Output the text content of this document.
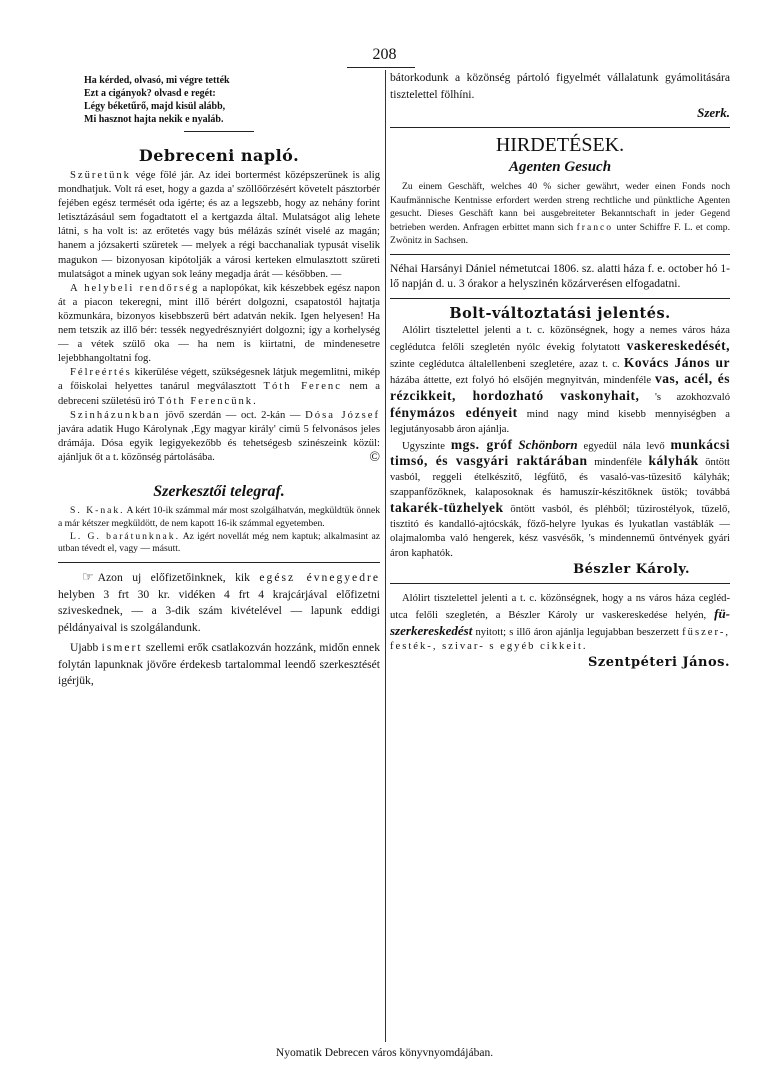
208
Ha kérded, olvasó, mi végre tették
Ezt a cigányok? olvasd e regét:
Légy béketűrő, majd kisül alább,
Mi hasznot hajta nekik e nyaláb.
Debreceni napló.

Szüretünk vége fölé jár. Az idei bortermést középszerünek is alig mondhatjuk. Volt rá eset, hogy a gazda a' szöllőőrzésért követelt pásztorbér fejében egész termését oda igérte; és az a legszebb, hogy az nehány forint letisztázásául sem fogadtatott el a kertgazda által. Mulatságot alig lehete látni, s ha volt is: az erőtetés vagy bús mélázás színét viselé az magán; hanem a józsakerti szüretek — melyek a régi bacchanaliak typusát viselik magukon — bizonyosan kipótolják a városi kerteken elmulasztott szüreti mulatságot a minek ugyan sok leány megadja árát — későbben. —

A helybeli rendőrség a naplopókat, kik készebbek egész napon át a piacon tekeregni, mint illő bérért dolgozni, csapatostól hajtatja közmunkára, bizonyos kisebbszerű bért adatván nekik. Igen helyesen! Ha nem tetszik az illő bér: tessék negyedrésznyiért dolgozni; így a korhelység — a vétek szülő oka — ha nem is kiirtatni, de mindenesetre lejebbhangoltatni fog.

Félreértés kikerülése végett, szükségesnek látjuk megemlitni, mikép a főiskolai helyettes tanárul megválasztott Tóth Ferenc nem a debreceni születésü iró Tóth Ferencünk.

Szinházunkban jövő szerdán — oct. 2-kán — Dósa József javára adatik Hugo Károlynak ,Egy magyar király' cimü 5 felvonásos jeles drámája. Dósa egyik legigyekezőbb és tehetségesb szinészeink közül: ajánljuk őt a t. közönség pártolásába.	©

Szerkesztői telegraf.

S. K-nak. A kért 10-ik számmal már most szolgálhatván, megküldtük önnek a már kétszer megküldött, de nem kapott 16-ik számmal egyetemben.

L. G. barátunknak. Az igért novellát még nem kaptuk; alkalmasint az utban tévedt el, vagy — másutt.

☞ Azon uj előfizetőinknek, kik egész évnegyedre helyben 3 frt 30 kr. vidéken 4 frt 4 krajcárjával előfizetni sziveskednek, — a 3-dik szám kivételével — lapunk eddigi példányaival is szolgálandunk.

Ujabb ismert szellemi erők csatlakozván hozzánk, midőn ennek folytán lapunknak jövőre érdekesb tartalommal leendő szerkesztését igérjük,

bátorkodunk a közönség pártoló figyelmét vállalatunk gyámolitására tisztelettel fölhíni.

Szerk.
HIRDETÉSEK.
Agenten Gesuch

Zu einem Geschäft, welches 40 % sicher gewährt, weder einen Fonds noch Kaufmännische Kentnisse erfordert werden streng rechtliche und pünktliche Agenten gesucht. Dieses Geschäft kann bei ausgebreiteter Bekanntschaft in jeder Gegend betrieben werden. Anfragen erbittet mann sich franco unter Schiffre F. L. et comp. Zwönitz in Sachsen.

Néhai Harsányi Dániel németutcai 1806. sz. alatti háza f. e. october hó 1-lő napján d. u. 3 órakor a helyszinén közárverésen elfogadatni.

Bolt-változtatási jelentés.

Alólirt tisztelettel jelenti a t. c. közönségnek, hogy a nemes város háza ceglédutca felőli szegletén nyólc évekig folytatott vaskereskedését, szinte ceglédutca általellenbeni szegletére, azaz t. c. Kovács János ur házába áttette, ezt folyó hó elsőjén megnyitván, mindenféle vas, acél, és rézcikkeit, hordozható vaskonyhait, 's azokhozvaló fénymázos edényeit mind nagy mind kisebb mennyiségben a legjutányosabb áron ajánlja.

Ugyszinte mgs. gróf Schönborn egyedül nála levő munkácsi timsó, és vasgyári raktárában mindenféle kályhák öntött vasból, reggeli ételkészitő, légfütő, és vasaló-vas-tüzesitő kályhák; szappanfőzőknek, kalaposoknak és hamuszír-készitőknek üstök; továbbá takarék-tüzhelyek öntött vasból, és pléhből; tüzirostélyok, tüzelő, tisztitó és kandalló-ajtócskák, főző-helyre lyukas és lyukatlan vastáblák — olajmalomba való hengerek, kész vasvésők, 's mindennemű öntvények gyári áron kaphatók.

Bészler Károly.

Alólirt tisztelettel jelenti a t. c. közönségnek, hogy a ns város háza cegléd-utca felőli szegletén, a Bészler Károly ur vaskereskedése helyén, fü-szerkereskedést nyitott; s illő áron ajánlja legujabban beszerzett füszer-, festék-, szivar- s egyéb cikkeit.

Szentpéteri János.
Nyomatik Debrecen város könyvnyomdájában.
